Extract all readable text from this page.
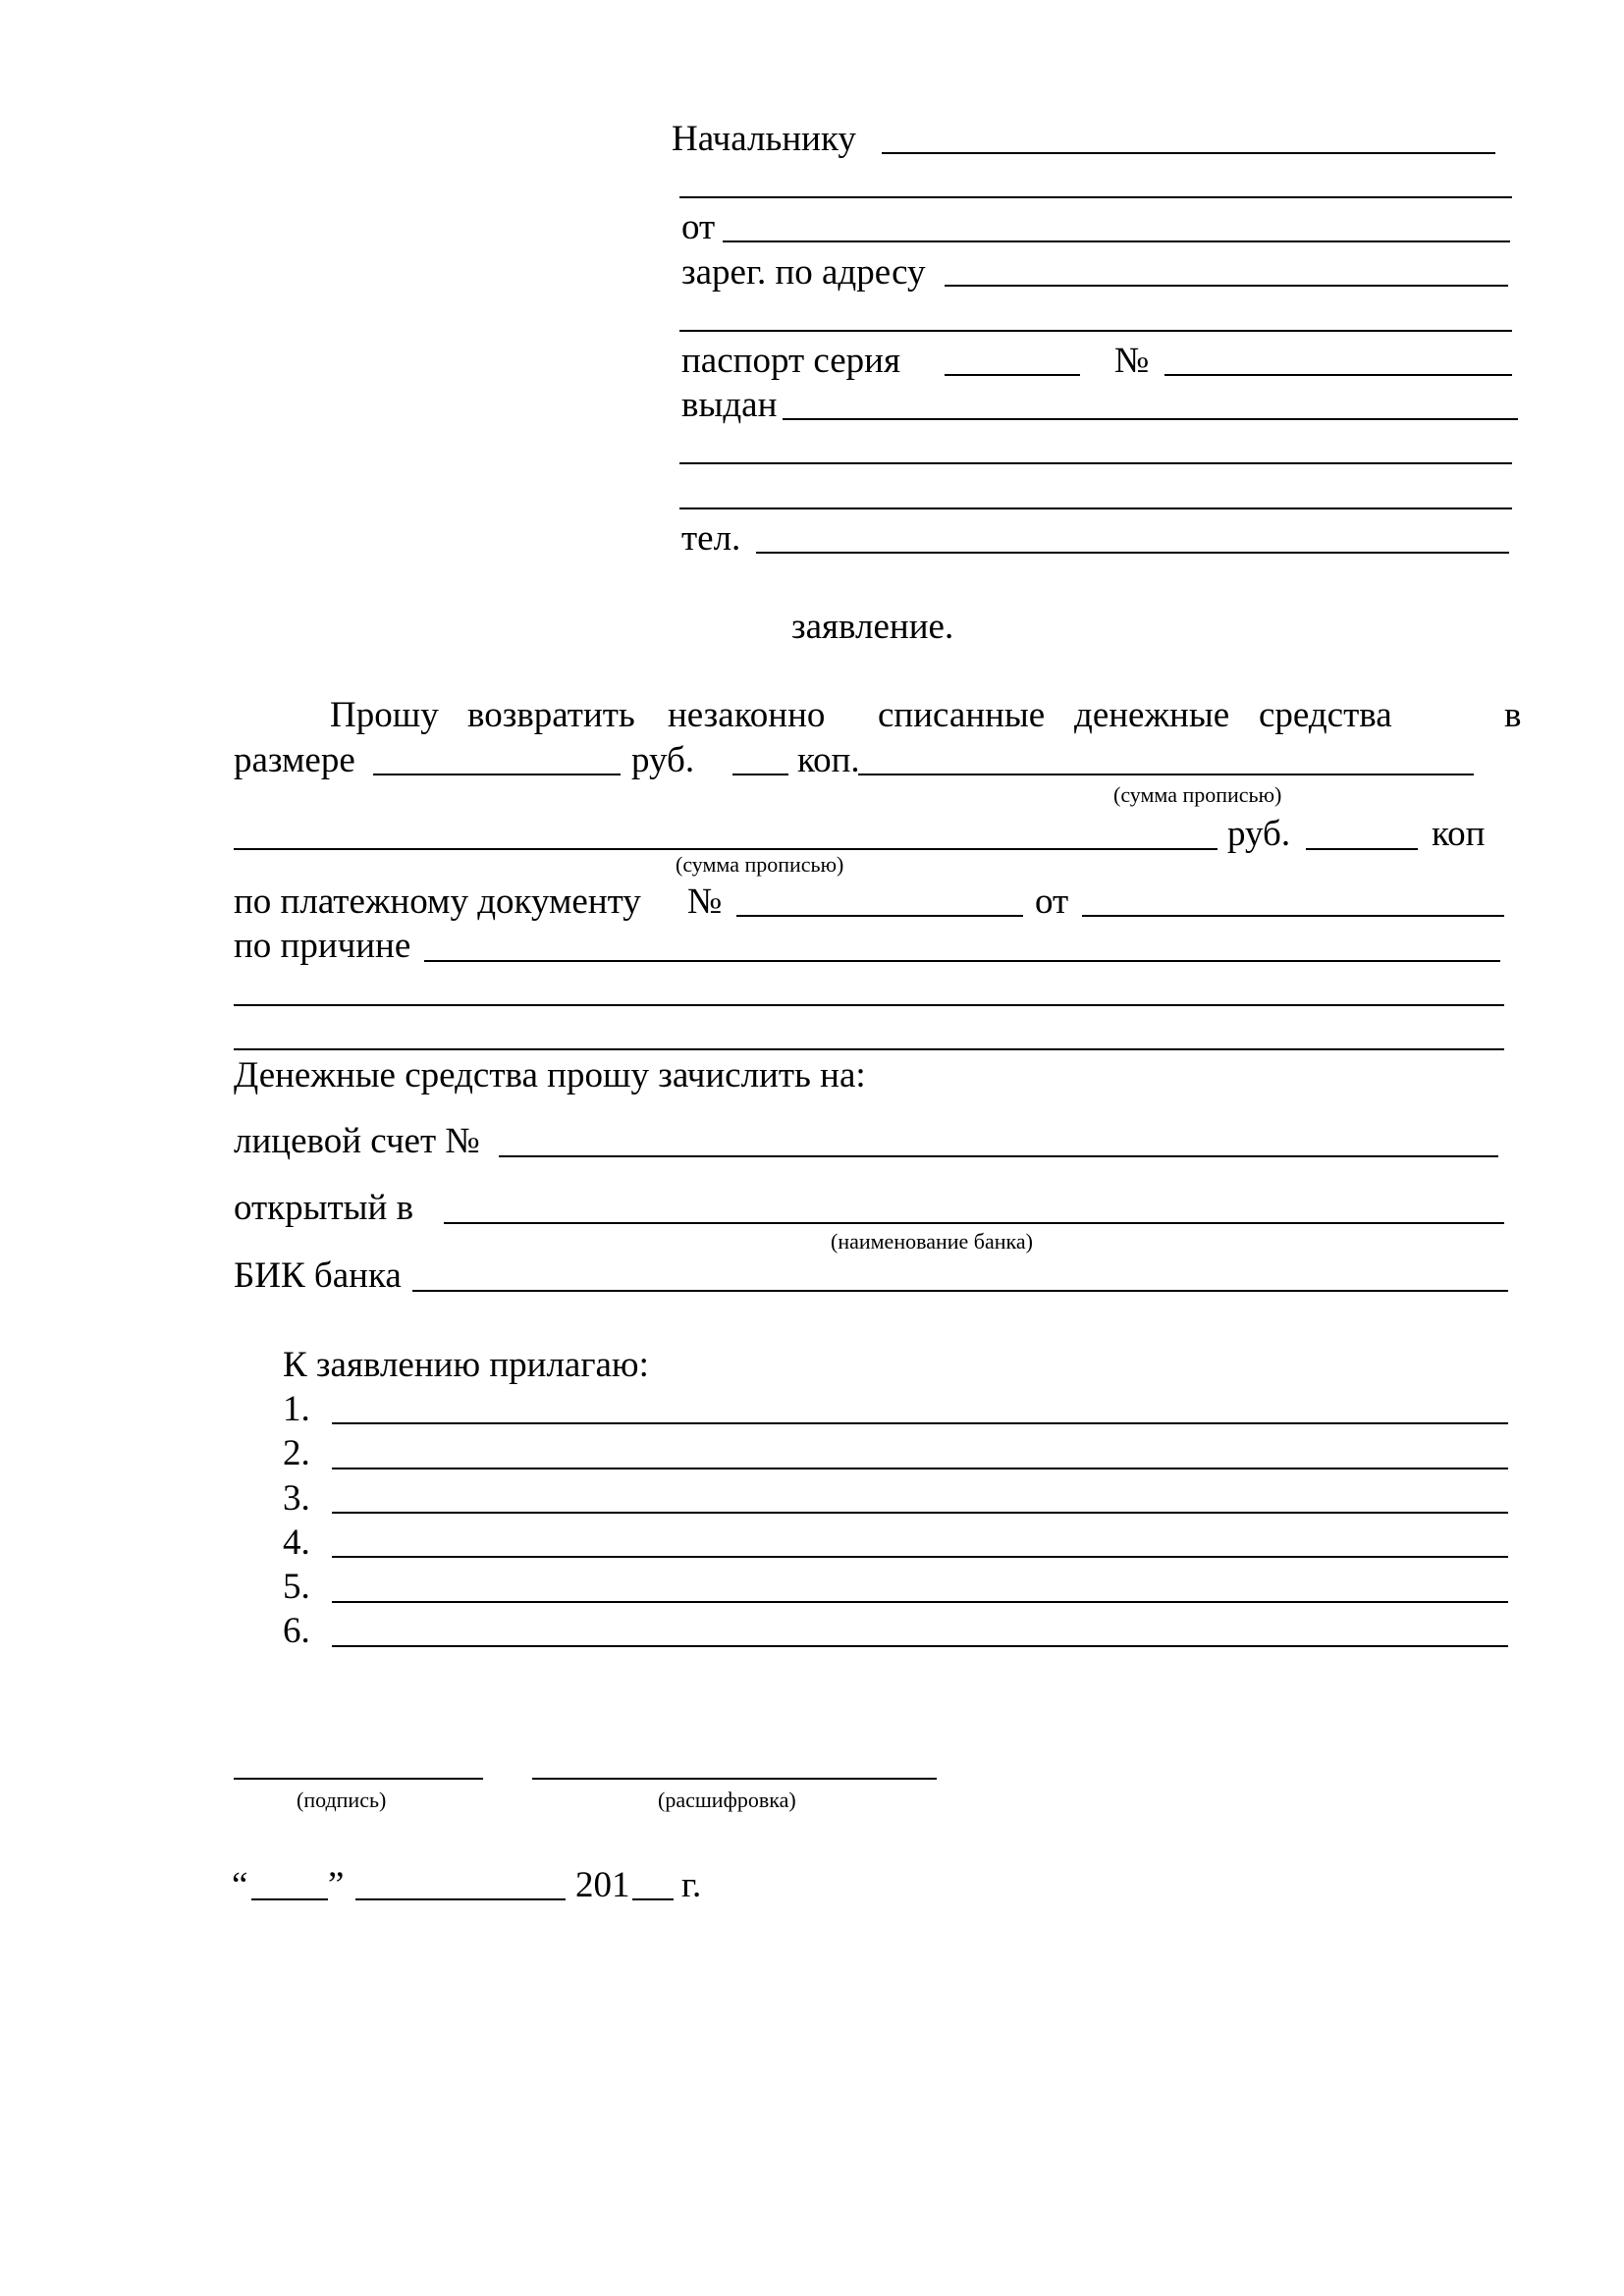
Начальнику
от
зарег. по адресу
паспорт серия	№
выдан
тел.
заявление.
Прошу возвратить незаконно списанные денежные средства	в
размере	руб.	коп.
(сумма прописью)
руб.	коп
(сумма прописью)
по платежному документу №	от
по причине
Денежные средства прошу зачислить на:
лицевой счет №
открытый в
(наименование банка)
БИК банка
К заявлению прилагаю:
1.
2.
3.
4.
5.
6.
(подпись)	(расшифровка)
“ ”	201 г.
